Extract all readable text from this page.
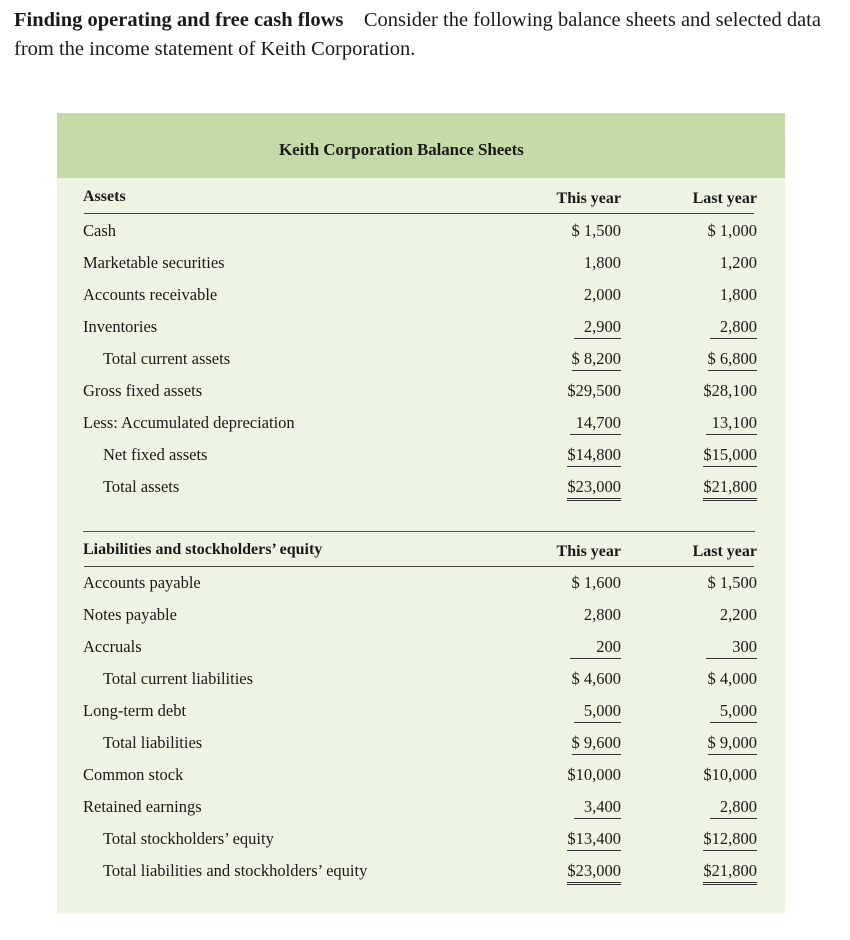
Finding operating and free cash flows Consider the following balance sheets and selected data from the income statement of Keith Corporation.
Keith Corporation Balance Sheets
Assets	This year	Last year
Cash	$ 1,500	$ 1,000
Marketable securities	1,800	1,200
Accounts receivable	2,000	1,800
Inventories	2,900	2,800
Total current assets	$ 8,200	$ 6,800
Gross fixed assets	$29,500	$28,100
Less: Accumulated depreciation	14,700	13,100
Net fixed assets	$14,800	$15,000
Total assets	$23,000	$21,800
Liabilities and stockholders’ equity	This year	Last year
Accounts payable	$ 1,600	$ 1,500
Notes payable	2,800	2,200
Accruals	200	300
Total current liabilities	$ 4,600	$ 4,000
Long-term debt	5,000	5,000
Total liabilities	$ 9,600	$ 9,000
Common stock	$10,000	$10,000
Retained earnings	3,400	2,800
Total stockholders’ equity	$13,400	$12,800
Total liabilities and stockholders’ equity	$23,000	$21,800
